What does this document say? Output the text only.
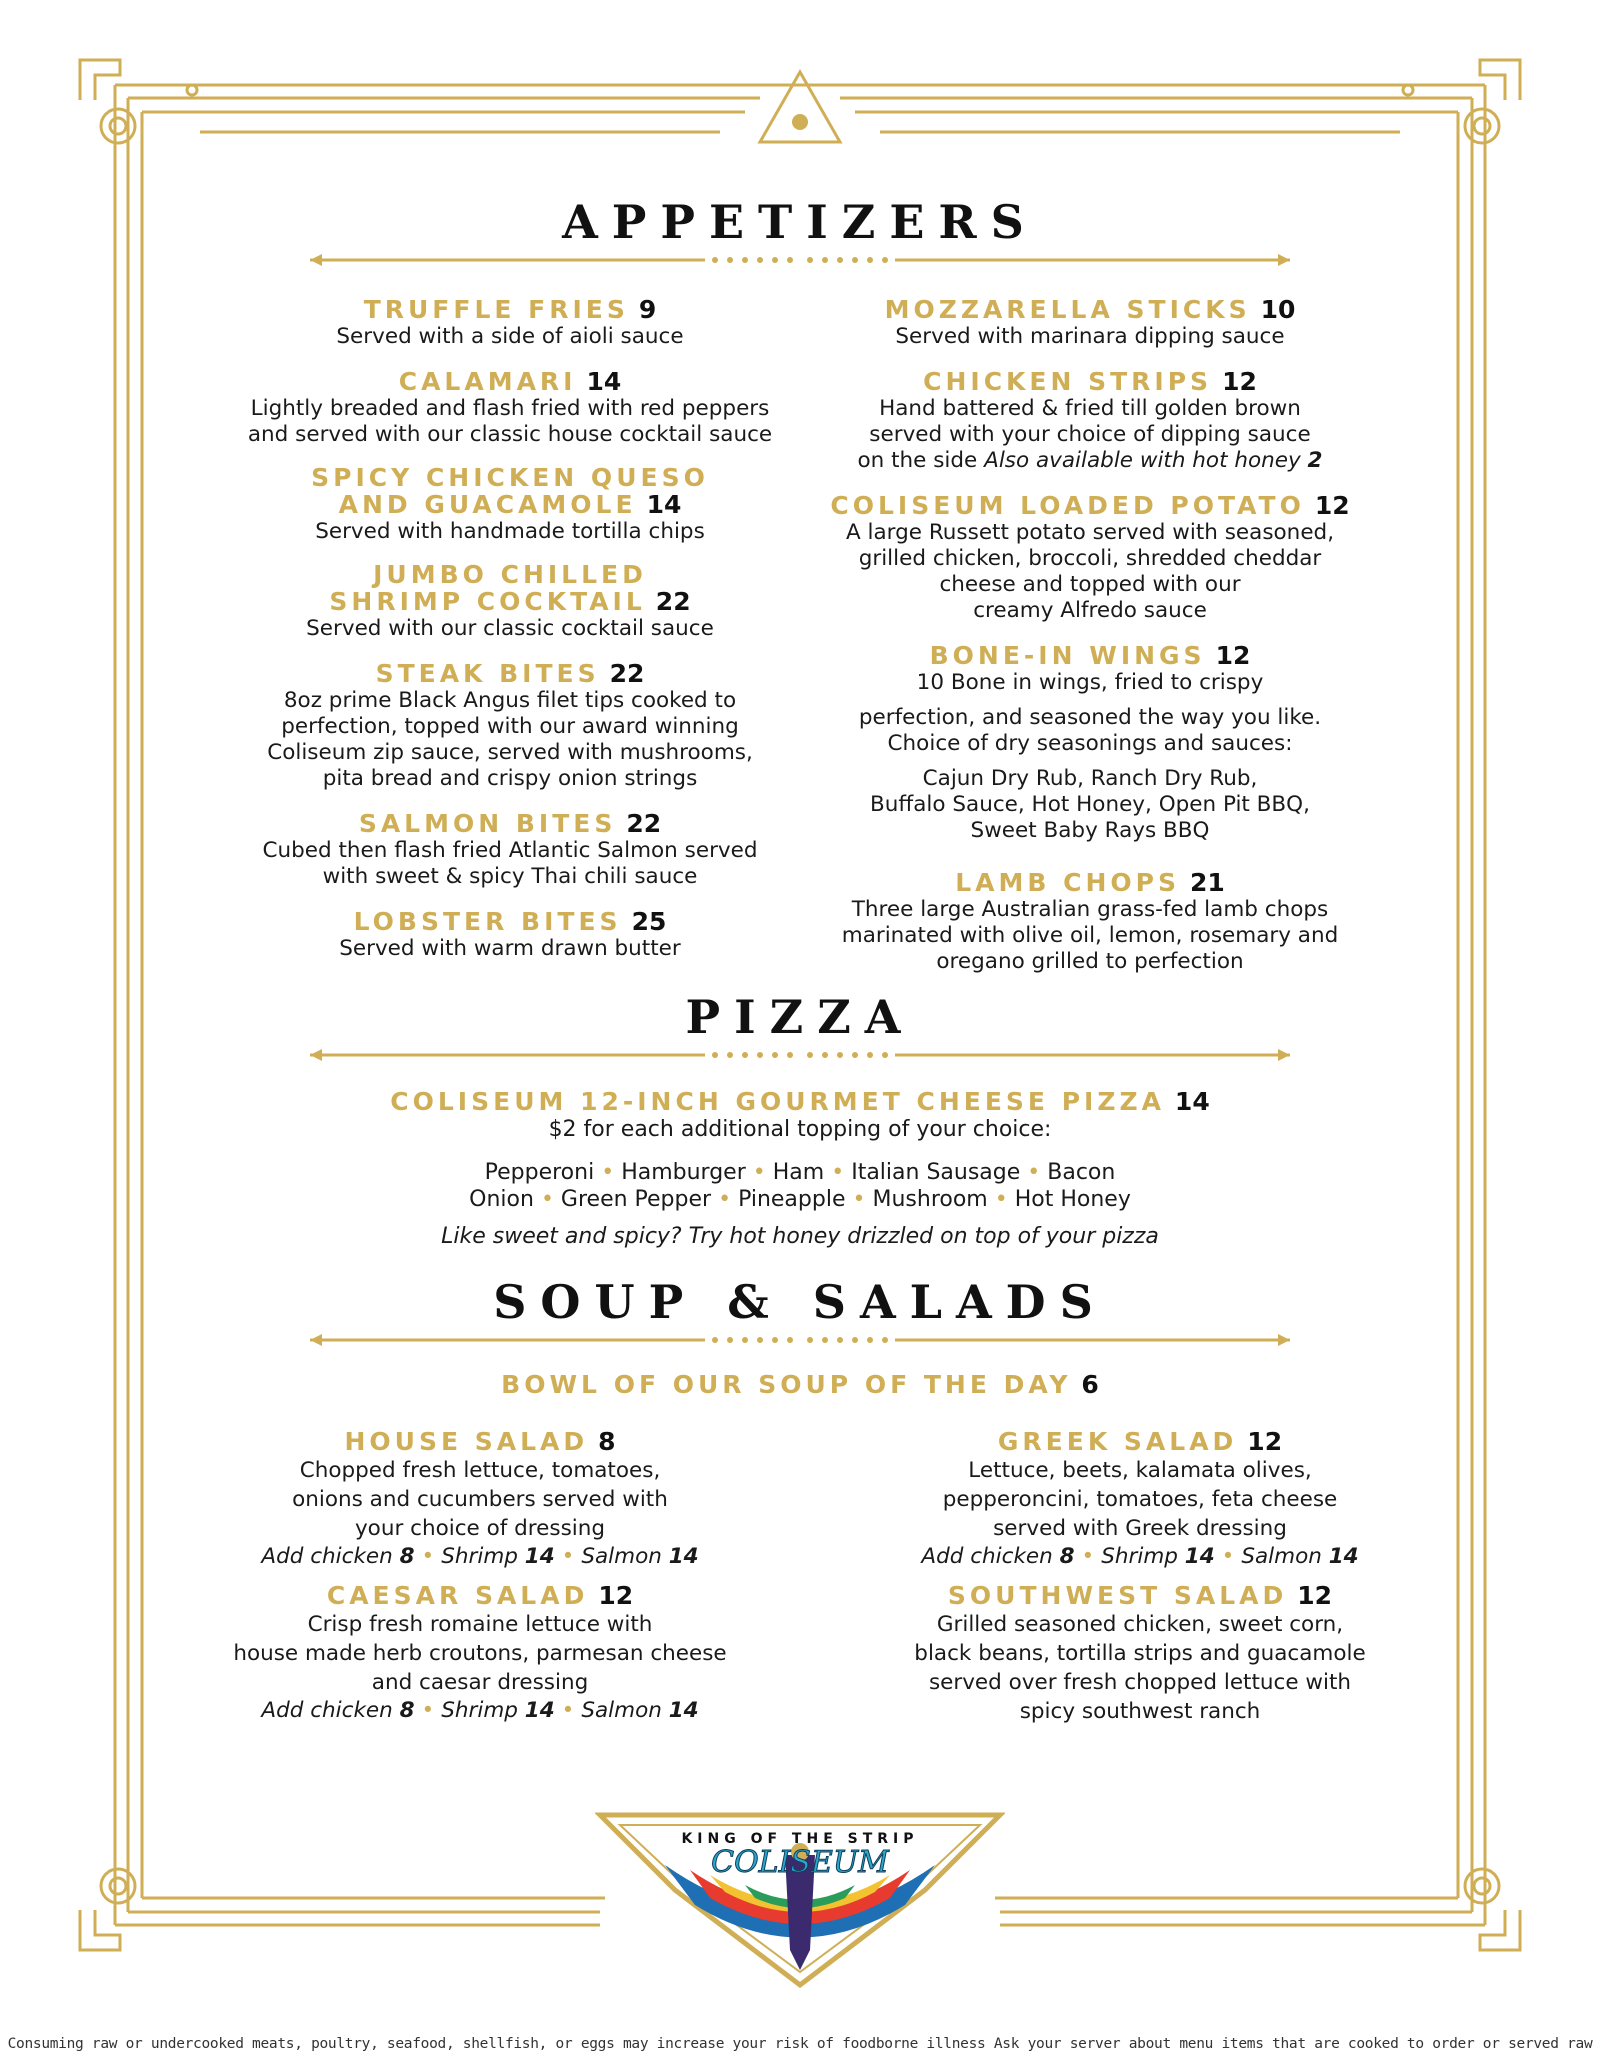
APPETIZERS
TRUFFLE FRIES 9
Served with a side of aioli sauce
CALAMARI 14
Lightly breaded and flash fried with red peppers
and served with our classic house cocktail sauce
SPICY CHICKEN QUESO
AND GUACAMOLE 14
Served with handmade tortilla chips
JUMBO CHILLED
SHRIMP COCKTAIL 22
Served with our classic cocktail sauce
STEAK BITES 22
8oz prime Black Angus filet tips cooked to
perfection, topped with our award winning
Coliseum zip sauce, served with mushrooms,
pita bread and crispy onion strings
SALMON BITES 22
Cubed then flash fried Atlantic Salmon served
with sweet & spicy Thai chili sauce
LOBSTER BITES 25
Served with warm drawn butter
MOZZARELLA STICKS 10
Served with marinara dipping sauce
CHICKEN STRIPS 12
Hand battered & fried till golden brown
served with your choice of dipping sauce
on the side Also available with hot honey 2
COLISEUM LOADED POTATO 12
A large Russett potato served with seasoned,
grilled chicken, broccoli, shredded cheddar
cheese and topped with our
creamy Alfredo sauce
BONE-IN WINGS 12
10 Bone in wings, fried to crispy
perfection, and seasoned the way you like.
Choice of dry seasonings and sauces:
Cajun Dry Rub, Ranch Dry Rub,
Buffalo Sauce, Hot Honey, Open Pit BBQ,
Sweet Baby Rays BBQ
LAMB CHOPS 21
Three large Australian grass-fed lamb chops
marinated with olive oil, lemon, rosemary and
oregano grilled to perfection
PIZZA
COLISEUM 12-INCH GOURMET CHEESE PIZZA 14
$2 for each additional topping of your choice:
Pepperoni • Hamburger • Ham • Italian Sausage • Bacon
Onion • Green Pepper • Pineapple • Mushroom • Hot Honey
Like sweet and spicy? Try hot honey drizzled on top of your pizza
SOUP & SALADS
BOWL OF OUR SOUP OF THE DAY 6
HOUSE SALAD 8
Chopped fresh lettuce, tomatoes,
onions and cucumbers served with
your choice of dressing
Add chicken 8 • Shrimp 14 • Salmon 14
CAESAR SALAD 12
Crisp fresh romaine lettuce with
house made herb croutons, parmesan cheese
and caesar dressing
Add chicken 8 • Shrimp 14 • Salmon 14
GREEK SALAD 12
Lettuce, beets, kalamata olives,
pepperoncini, tomatoes, feta cheese
served with Greek dressing
Add chicken 8 • Shrimp 14 • Salmon 14
SOUTHWEST SALAD 12
Grilled seasoned chicken, sweet corn,
black beans, tortilla strips and guacamole
served over fresh chopped lettuce with
spicy southwest ranch
KING OF THE STRIP
COLISEUM
Consuming raw or undercooked meats, poultry, seafood, shellfish, or eggs may increase your risk of foodborne illness Ask your server about menu items that are cooked to order or served raw
